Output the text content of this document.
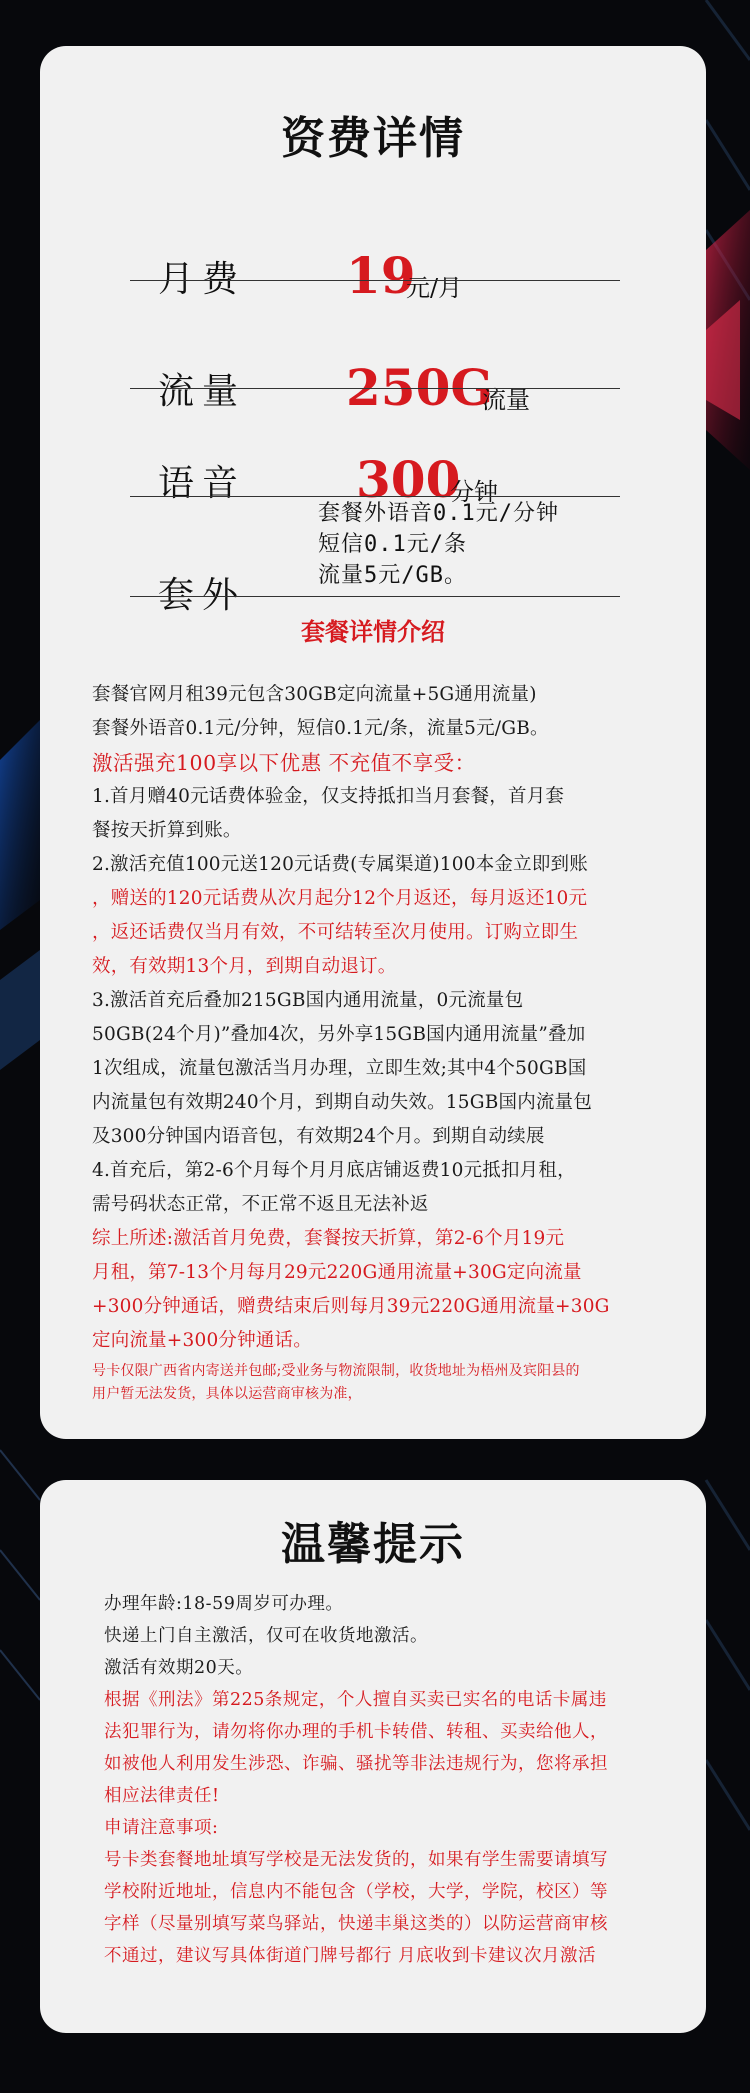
资费详情
月费 19
元/月
流量 250G
流量
语音 300
分钟
套外
套餐外语音0.1元/分钟
短信0.1元/条
流量5元/GB。
套餐详情介绍
套餐官网月租39元包含30GB定向流量+5G通用流量)
套餐外语音0.1元/分钟，短信0.1元/条，流量5元/GB。
激活强充100享以下优惠 不充值不享受：
1.首月赠40元话费体验金，仅支持抵扣当月套餐，首月套
餐按天折算到账。
2.激活充值100元送120元话费(专属渠道)100本金立即到账
，赠送的120元话费从次月起分12个月返还，每月返还10元
，返还话费仅当月有效，不可结转至次月使用。订购立即生
效，有效期13个月，到期自动退订。
3.激活首充后叠加215GB国内通用流量，0元流量包
50GB(24个月)”叠加4次，另外享15GB国内通用流量”叠加
1次组成，流量包激活当月办理，立即生效;其中4个50GB国
内流量包有效期240个月，到期自动失效。15GB国内流量包
及300分钟国内语音包，有效期24个月。到期自动续展
4.首充后，第2-6个月每个月月底店铺返费10元抵扣月租，
需号码状态正常，不正常不返且无法补返
综上所述:激活首月免费，套餐按天折算，第2-6个月19元
月租，第7-13个月每月29元220G通用流量+30G定向流量
+300分钟通话，赠费结束后则每月39元220G通用流量+30G
定向流量+300分钟通话。
号卡仅限广西省内寄送并包邮;受业务与物流限制，收货地址为梧州及宾阳县的
用户暂无法发货，具体以运营商审核为准，
温馨提示
办理年龄:18-59周岁可办理。
快递上门自主激活，仅可在收货地激活。
激活有效期20天。
根据《刑法》第225条规定，个人擅自买卖已实名的电话卡属违
法犯罪行为，请勿将你办理的手机卡转借、转租、买卖给他人，
如被他人利用发生涉恐、诈骗、骚扰等非法违规行为，您将承担
相应法律责任!
申请注意事项:
号卡类套餐地址填写学校是无法发货的，如果有学生需要请填写
学校附近地址，信息内不能包含（学校，大学，学院，校区）等
字样（尽量别填写菜鸟驿站，快递丰巢这类的）以防运营商审核
不通过，建议写具体街道门牌号都行 月底收到卡建议次月激活
